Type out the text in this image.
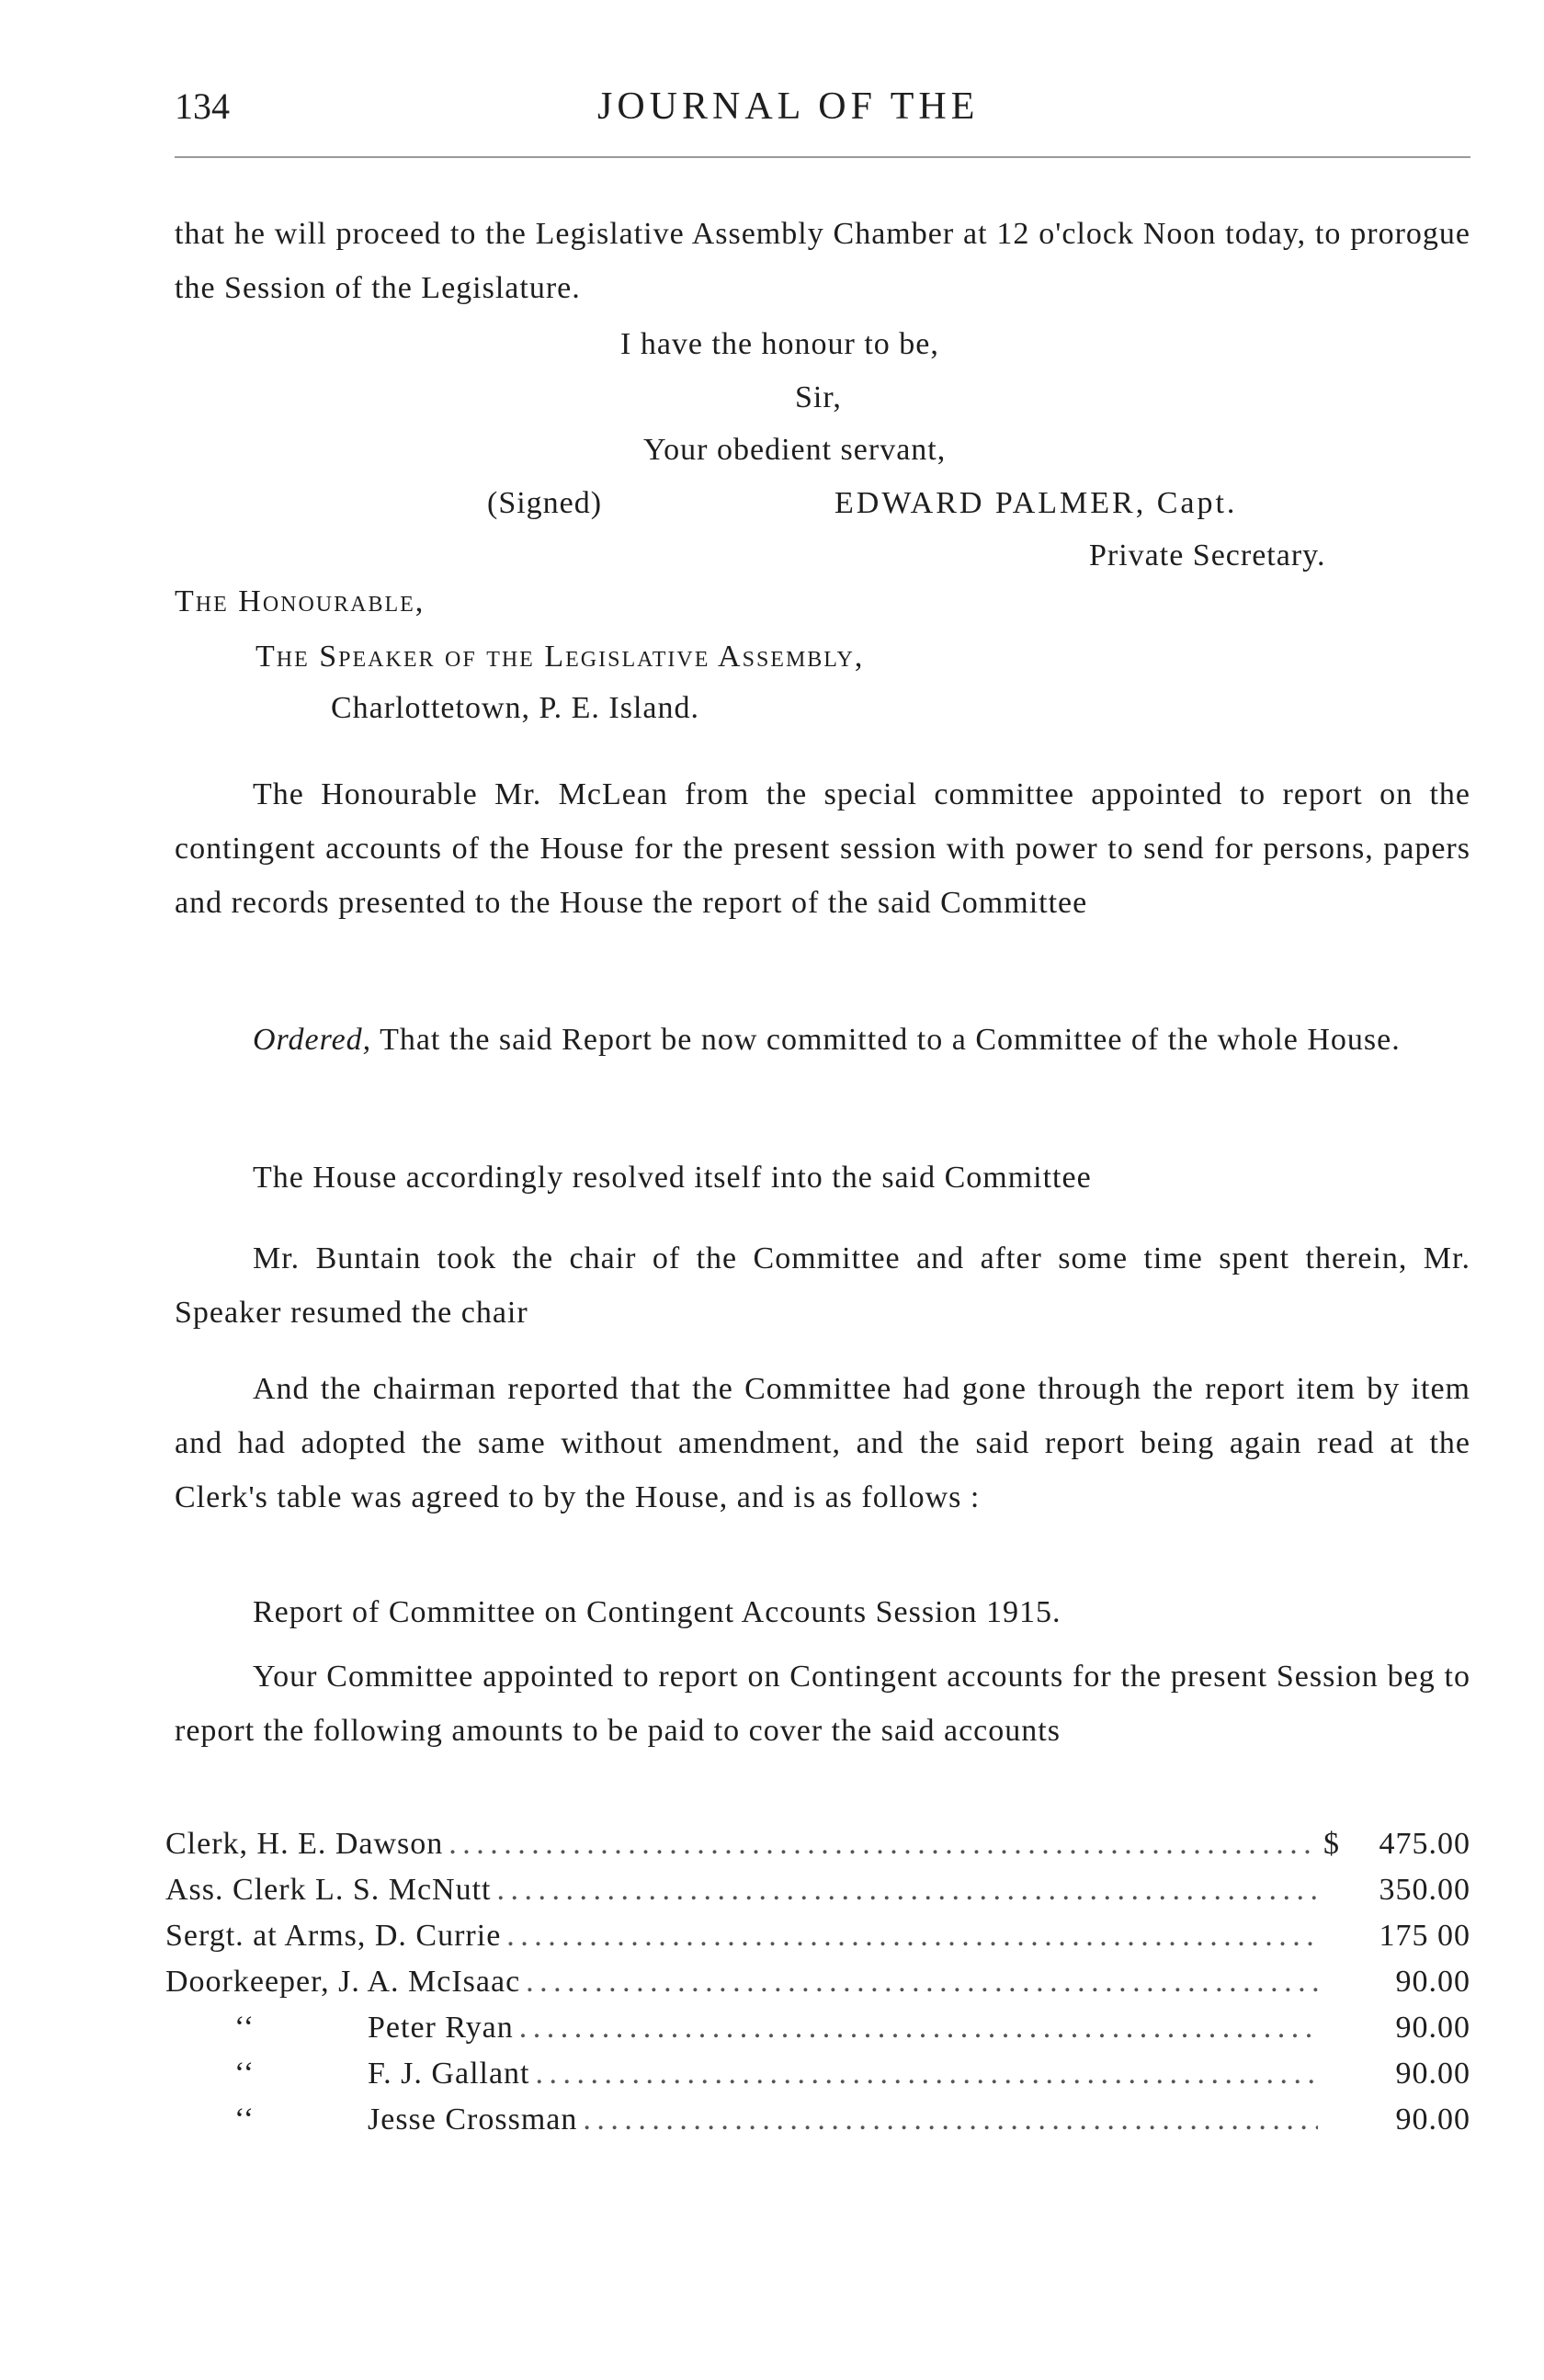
134	JOURNAL OF THE

that he will proceed to the Legislative Assembly Chamber at 12 o'clock Noon today, to prorogue the Session of the Legislature.

I have the honour to be,

Sir,

Your obedient servant,

(Signed)	EDWARD PALMER, Capt.

Private Secretary.

The Honourable,

The Speaker of the Legislative Assembly,

Charlottetown, P. E. Island.

The Honourable Mr. McLean from the special committee appointed to report on the contingent accounts of the House for the present session with power to send for persons, papers and records presented to the House the report of the said Committee

Ordered, That the said Report be now committed to a Committee of the whole House.

The House accordingly resolved itself into the said Committee

Mr. Buntain took the chair of the Committee and after some time spent therein, Mr. Speaker resumed the chair

And the chairman reported that the Committee had gone through the report item by item and had adopted the same without amendment, and the said report being again read at the Clerk's table was agreed to by the House, and is as follows :

Report of Committee on Contingent Accounts Session 1915.

Your Committee appointed to report on Contingent accounts for the present Session beg to report the following amounts to be paid to cover the said accounts

Clerk, H. E. Dawson . . .	$	475.00
Ass. Clerk L. S. McNutt . . .	350.00
Sergt. at Arms, D. Currie . . .	175 00
Doorkeeper, J. A. McIsaac . . .	90.00
‘‘	Peter Ryan . . .	90.00
‘‘	F. J. Gallant . . .	90.00
‘‘	Jesse Crossman . . .	90.00
